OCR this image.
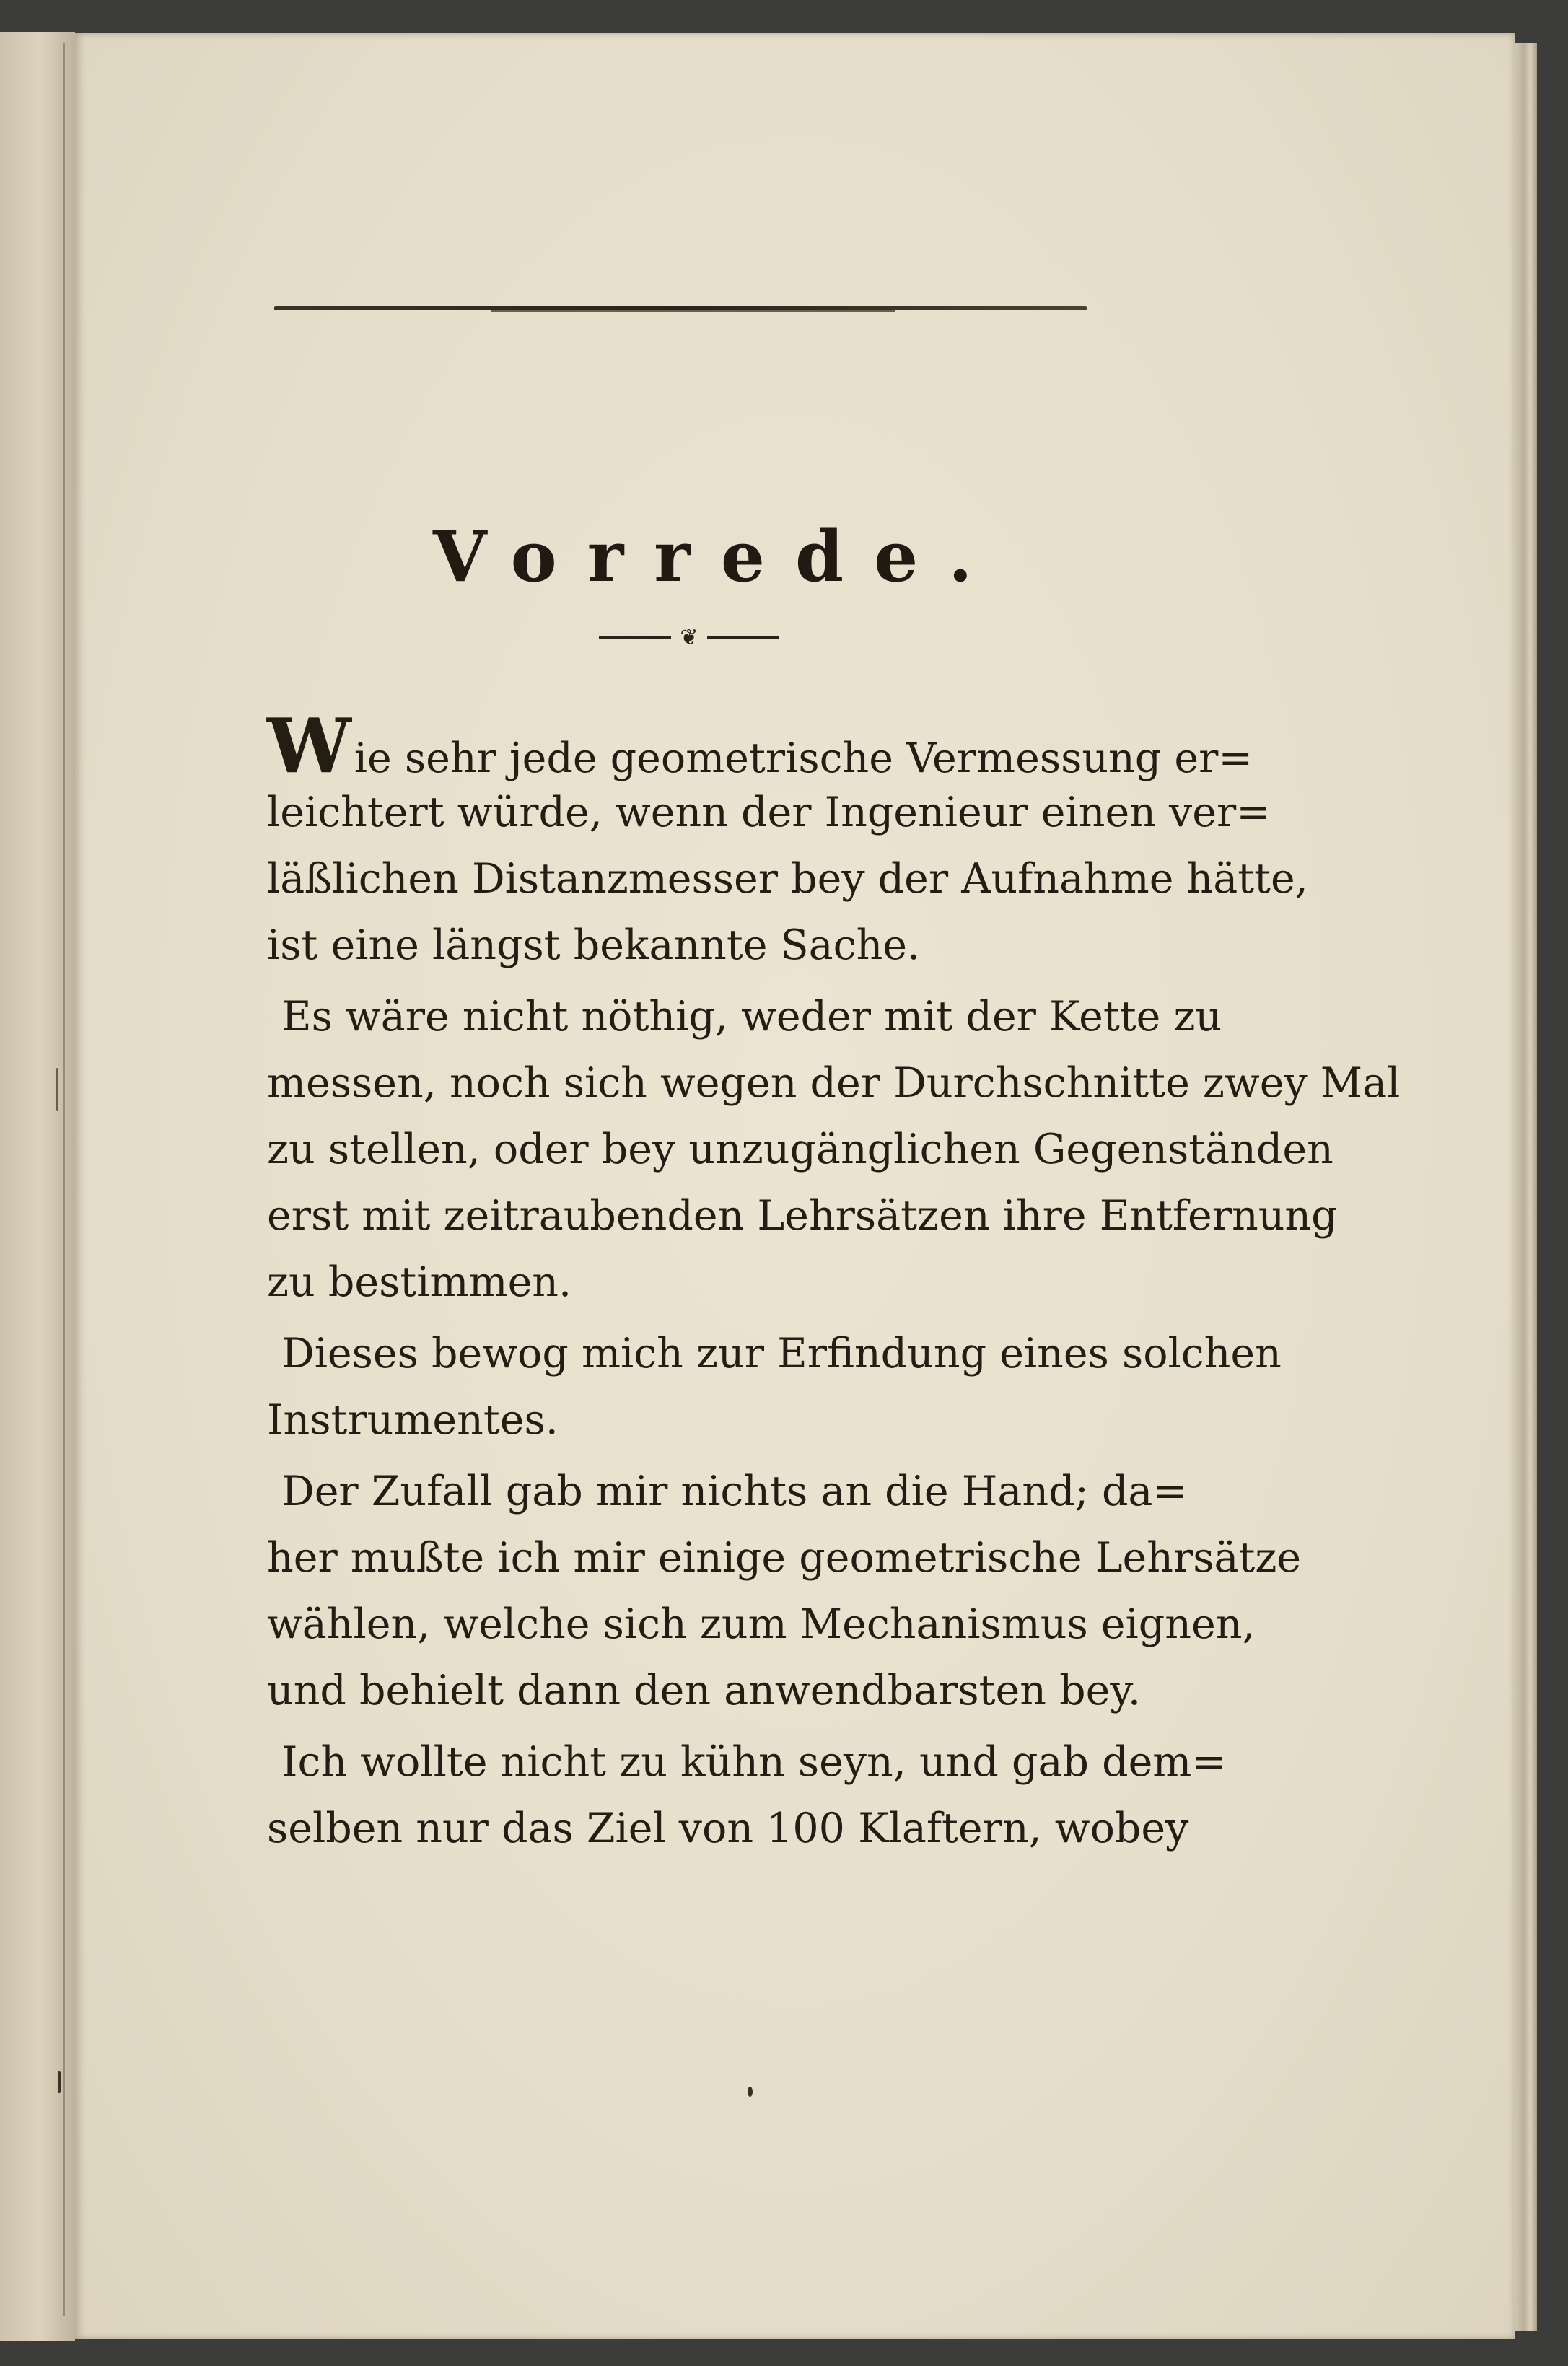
Vorrede.
❦
Wie sehr jede geometrische Vermessung er=
leichtert würde, wenn der Ingenieur einen ver=
läßlichen Distanzmesser bey der Aufnahme hätte,
ist eine längst bekannte Sache.
Es wäre nicht nöthig, weder mit der Kette zu
messen, noch sich wegen der Durchschnitte zwey Mal
zu stellen, oder bey unzugänglichen Gegenständen
erst mit zeitraubenden Lehrsätzen ihre Entfernung
zu bestimmen.
Dieses bewog mich zur Erfindung eines solchen
Instrumentes.
Der Zufall gab mir nichts an die Hand; da=
her mußte ich mir einige geometrische Lehrsätze
wählen, welche sich zum Mechanismus eignen,
und behielt dann den anwendbarsten bey.
Ich wollte nicht zu kühn seyn, und gab dem=
selben nur das Ziel von 100 Klaftern, wobey
